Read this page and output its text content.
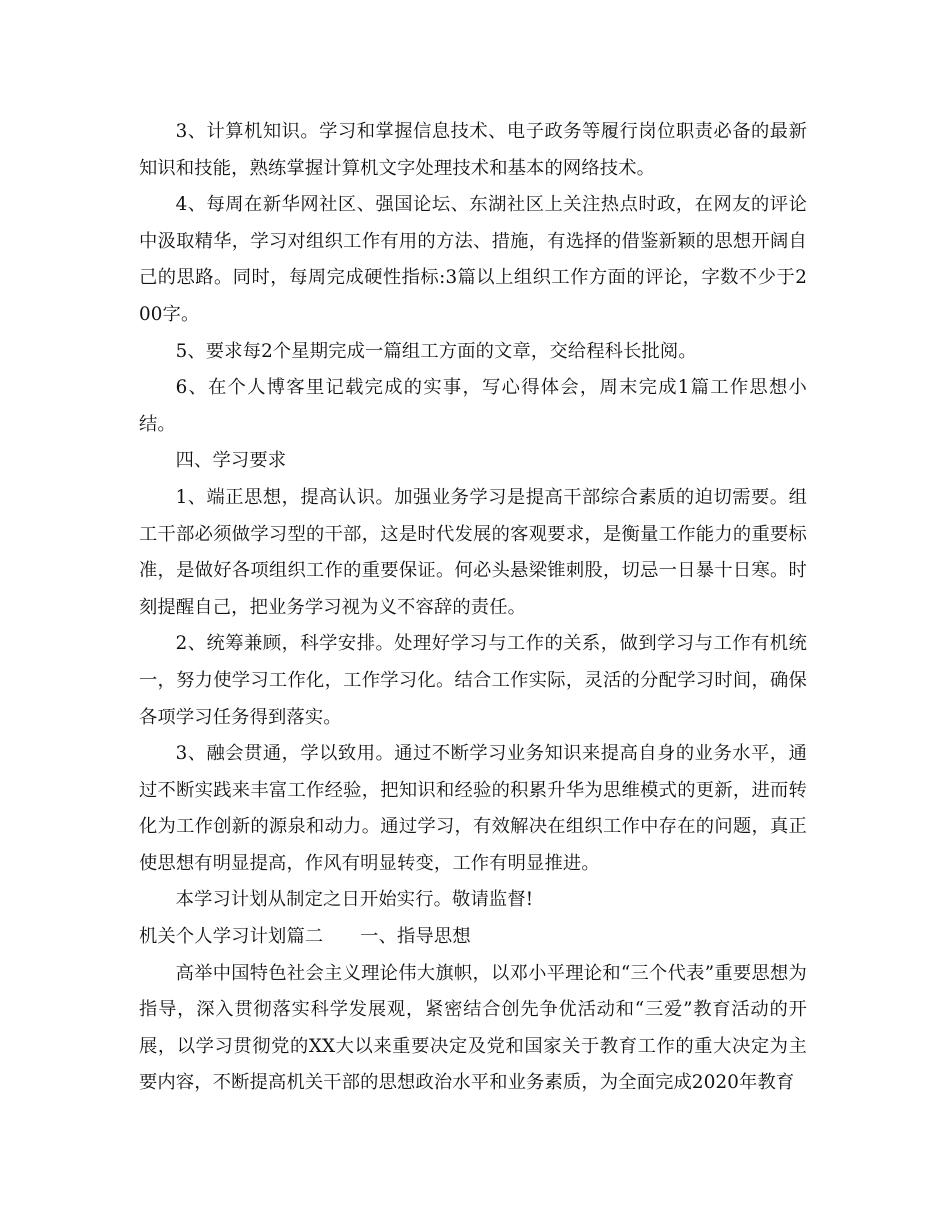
3、计算机知识。学习和掌握信息技术、电子政务等履行岗位职责必备的最新知识和技能，熟练掌握计算机文字处理技术和基本的网络技术。

4、每周在新华网社区、强国论坛、东湖社区上关注热点时政，在网友的评论中汲取精华，学习对组织工作有用的方法、措施，有选择的借鉴新颖的思想开阔自己的思路。同时，每周完成硬性指标:3篇以上组织工作方面的评论，字数不少于200字。

5、要求每2个星期完成一篇组工方面的文章，交给程科长批阅。

6、在个人博客里记载完成的实事，写心得体会，周末完成1篇工作思想小结。

四、学习要求

1、端正思想，提高认识。加强业务学习是提高干部综合素质的迫切需要。组工干部必须做学习型的干部，这是时代发展的客观要求，是衡量工作能力的重要标准，是做好各项组织工作的重要保证。何必头悬梁锥刺股，切忌一日暴十日寒。时刻提醒自己，把业务学习视为义不容辞的责任。

2、统筹兼顾，科学安排。处理好学习与工作的关系，做到学习与工作有机统一，努力使学习工作化，工作学习化。结合工作实际，灵活的分配学习时间，确保各项学习任务得到落实。

3、融会贯通，学以致用。通过不断学习业务知识来提高自身的业务水平，通过不断实践来丰富工作经验，把知识和经验的积累升华为思维模式的更新，进而转化为工作创新的源泉和动力。通过学习，有效解决在组织工作中存在的问题，真正使思想有明显提高，作风有明显转变，工作有明显推进。

本学习计划从制定之日开始实行。敬请监督!

机关个人学习计划篇二　　一、指导思想

高举中国特色社会主义理论伟大旗帜，以邓小平理论和“三个代表”重要思想为指导，深入贯彻落实科学发展观，紧密结合创先争优活动和“三爱”教育活动的开展，以学习贯彻党的XX大以来重要决定及党和国家关于教育工作的重大决定为主要内容，不断提高机关干部的思想政治水平和业务素质，为全面完成2020年教育
